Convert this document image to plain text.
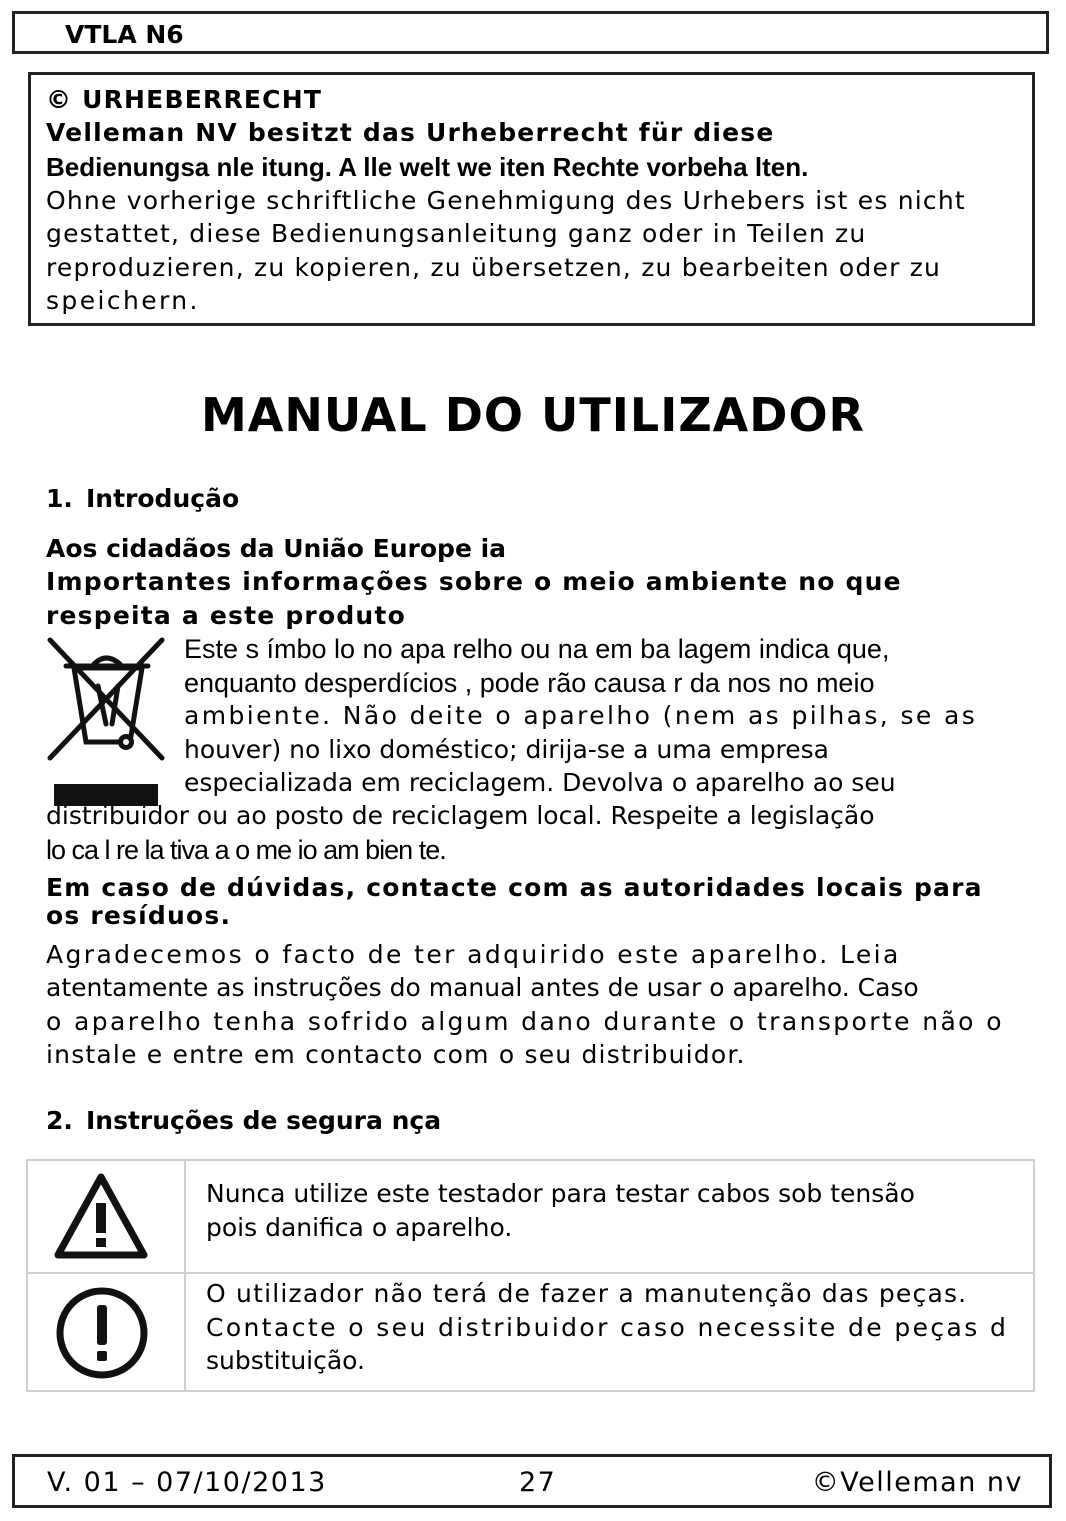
VTLA N6
© URHEBERRECHT
Velleman NV besitzt das Urheberrecht für diese
Bedienungsa nle itung. A lle welt we iten Rechte vorbeha lten.
Ohne vorherige schriftliche Genehmigung des Urhebers ist es nicht
gestattet, diese Bedienungsanleitung ganz oder in Teilen zu
reproduzieren, zu kopieren, zu übersetzen, zu bearbeiten oder zu
speichern.
MANUAL DO UTILIZADOR
1. Introdução
Aos cidadãos da União Europe ia
Importantes informações sobre o meio ambiente no que
respeita a este produto
Este s ímbo lo no apa relho ou na em ba lagem indica que,
enquanto desperdícios , pode rão causa r da nos no meio
ambiente. Não deite o aparelho (nem as pilhas, se as
houver) no lixo doméstico; dirija-se a uma empresa
especializada em reciclagem. Devolva o aparelho ao seu
distribuidor ou ao posto de reciclagem local. Respeite a legislação
lo ca l re la tiva a o me io am bien te.
Em caso de dúvidas, contacte com as autoridades locais para
os resíduos.
Agradecemos o facto de ter adquirido este aparelho. Leia
atentamente as instruções do manual antes de usar o aparelho. Caso
o aparelho tenha sofrido algum dano durante o transporte não o
instale e entre em contacto com o seu distribuidor.
2. Instruções de segura nça
Nunca utilize este testador para testar cabos sob tensão
pois danifica o aparelho.
O utilizador não terá de fazer a manutenção das peças.
Contacte o seu distribuidor caso necessite de peças d
substituição.
V. 01 – 07/10/2013	27	©Velleman nv
